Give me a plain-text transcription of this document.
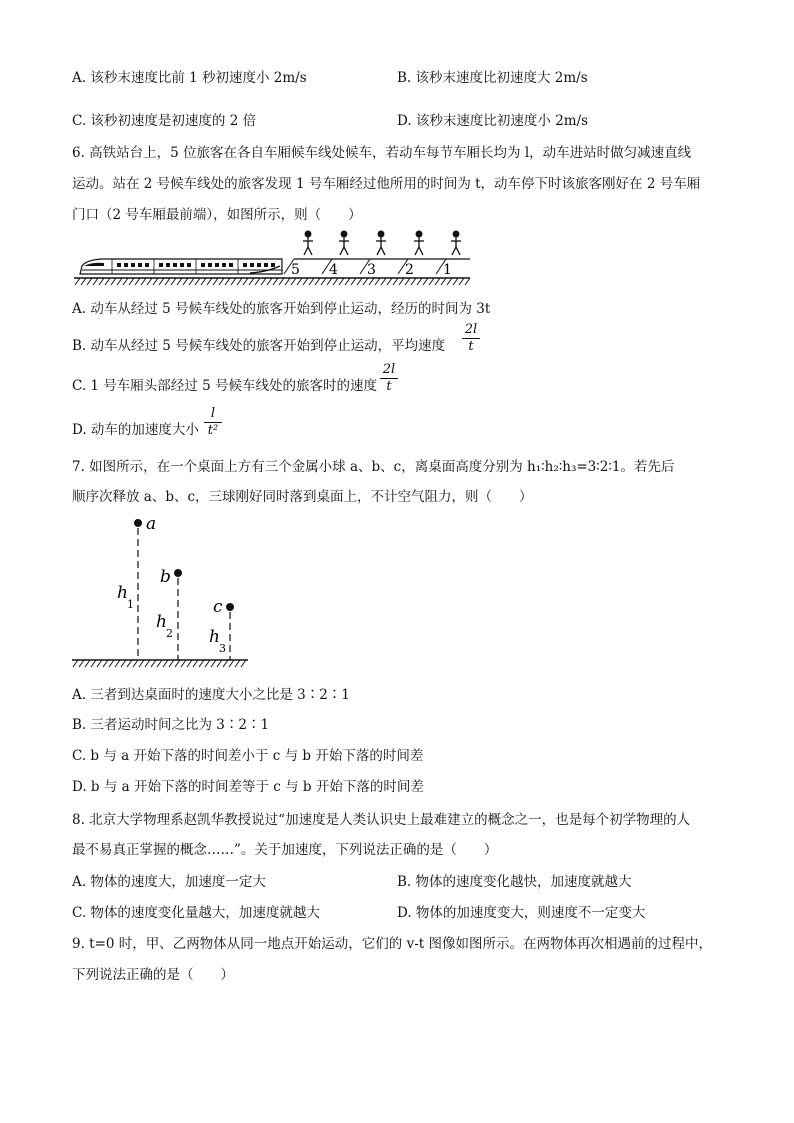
A. 该秒末速度比前 1 秒初速度小 2m/s	B. 该秒末速度比初速度大 2m/s
C. 该秒初速度是初速度的 2 倍	D. 该秒末速度比初速度小 2m/s
6. 高铁站台上，5 位旅客在各自车厢候车线处候车，若动车每节车厢长均为 l，动车进站时做匀减速直线
运动。站在 2 号候车线处的旅客发现 1 号车厢经过他所用的时间为 t，动车停下时该旅客刚好在 2 号车厢
门口（2 号车厢最前端），如图所示，则（　　）
5 4 3 2 1
A. 动车从经过 5 号候车线处的旅客开始到停止运动，经历的时间为 3t
B. 动车从经过 5 号候车线处的旅客开始到停止运动，平均速度
2l
t
C. 1 号车厢头部经过 5 号候车线处的旅客时的速度
2l
t
D. 动车的加速度大小
l
t²
7. 如图所示，在一个桌面上方有三个金属小球 a、b、c，离桌面高度分别为 h₁∶h₂∶h₃=3∶2∶1。若先后
顺序次释放 a、b、c，三球刚好同时落到桌面上，不计空气阻力，则（　　）
a
b
c
h1
h2 h3
A. 三者到达桌面时的速度大小之比是 3∶2∶1
B. 三者运动时间之比为 3∶2∶1
C. b 与 a 开始下落的时间差小于 c 与 b 开始下落的时间差
D. b 与 a 开始下落的时间差等于 c 与 b 开始下落的时间差
8. 北京大学物理系赵凯华教授说过“加速度是人类认识史上最难建立的概念之一，也是每个初学物理的人
最不易真正掌握的概念……”。关于加速度，下列说法正确的是（　　）
A. 物体的速度大，加速度一定大	B. 物体的速度变化越快，加速度就越大
C. 物体的速度变化量越大，加速度就越大	D. 物体的加速度变大，则速度不一定变大
9. t=0 时，甲、乙两物体从同一地点开始运动，它们的 v-t 图像如图所示。在两物体再次相遇前的过程中，
下列说法正确的是（　　）
